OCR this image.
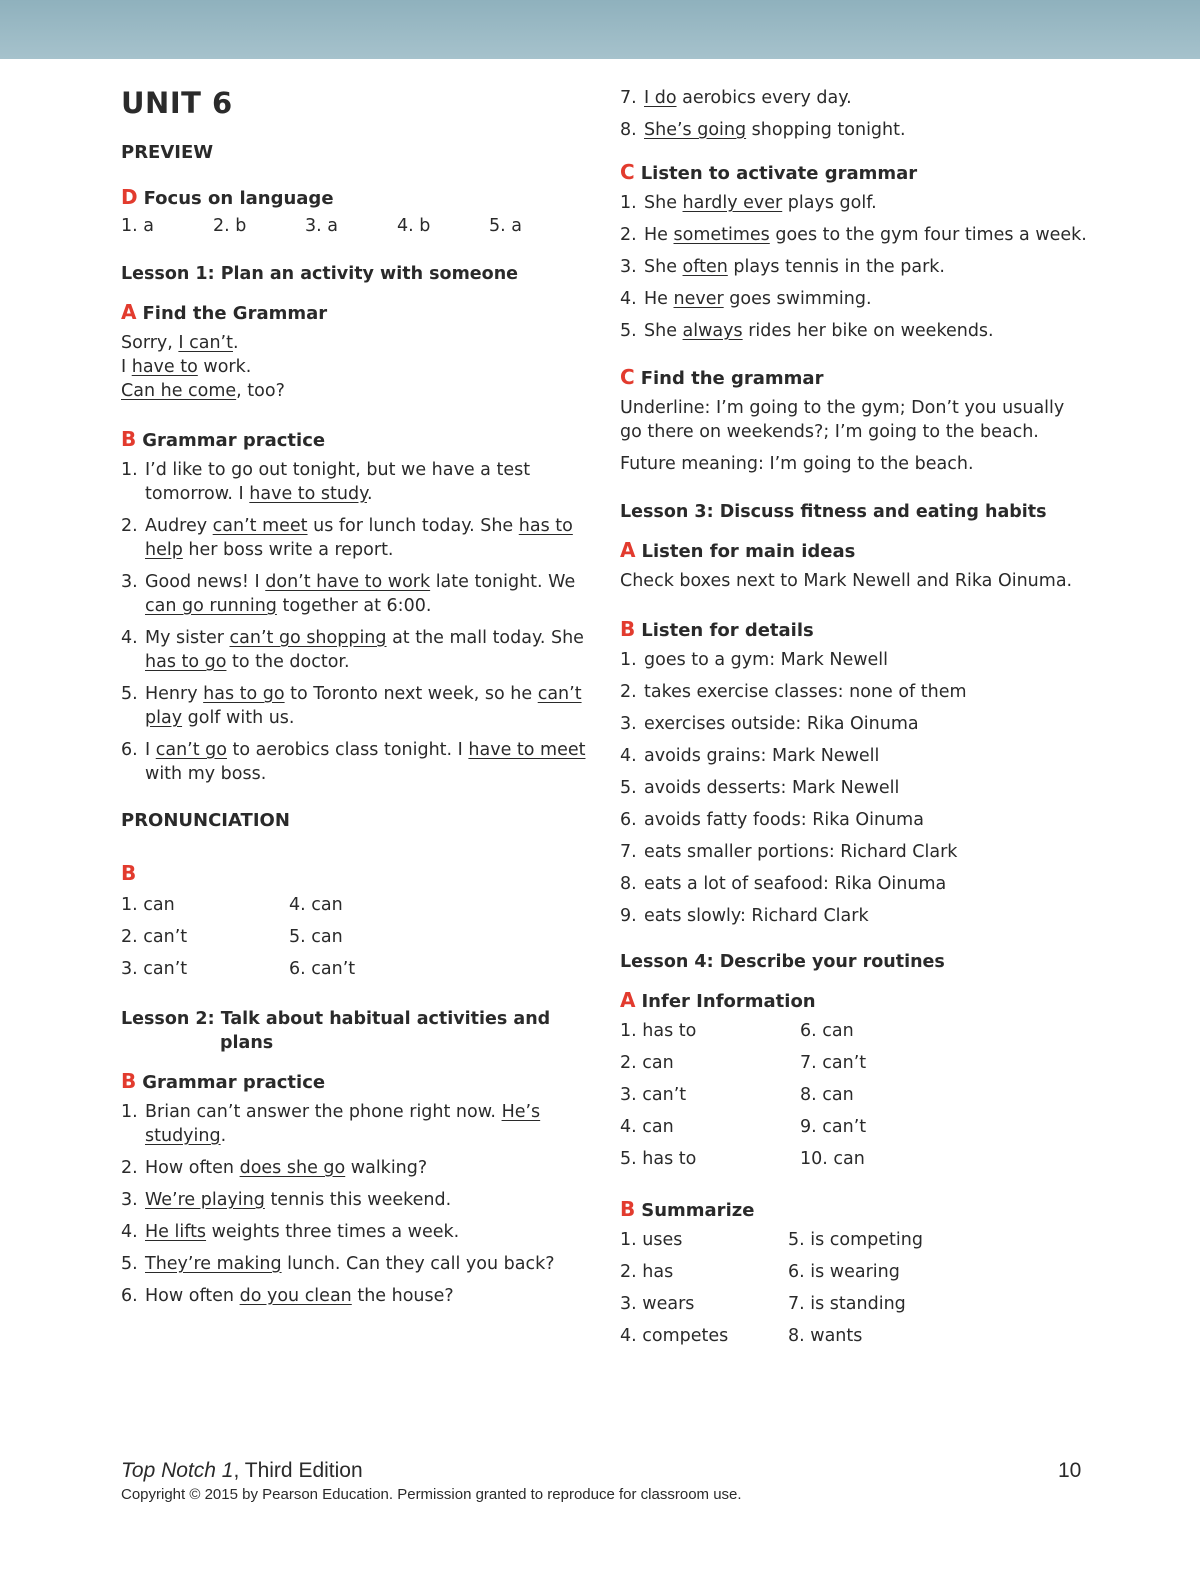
UNIT 6
PREVIEW
D Focus on language
1. a	2. b	3. a	4. b	5. a
Lesson 1: Plan an activity with someone
A Find the Grammar
Sorry, I can’t.
I have to work.
Can he come, too?
B Grammar practice
1. I’d like to go out tonight, but we have a test tomorrow. I have to study.
2. Audrey can’t meet us for lunch today. She has to help her boss write a report.
3. Good news! I don’t have to work late tonight. We can go running together at 6:00.
4. My sister can’t go shopping at the mall today. She has to go to the doctor.
5. Henry has to go to Toronto next week, so he can’t play golf with us.
6. I can’t go to aerobics class tonight. I have to meet with my boss.
PRONUNCIATION
B
1. can	4. can
2. can’t	5. can
3. can’t	6. can’t
Lesson 2: Talk about habitual activities and plans
B Grammar practice
1. Brian can’t answer the phone right now. He’s studying.
2. How often does she go walking?
3. We’re playing tennis this weekend.
4. He lifts weights three times a week.
5. They’re making lunch. Can they call you back?
6. How often do you clean the house?
7. I do aerobics every day.
8. She’s going shopping tonight.
C Listen to activate grammar
1. She hardly ever plays golf.
2. He sometimes goes to the gym four times a week.
3. She often plays tennis in the park.
4. He never goes swimming.
5. She always rides her bike on weekends.
C Find the grammar
Underline: I’m going to the gym; Don’t you usually go there on weekends?; I’m going to the beach.
Future meaning: I’m going to the beach.
Lesson 3: Discuss fitness and eating habits
A Listen for main ideas
Check boxes next to Mark Newell and Rika Oinuma.
B Listen for details
1. goes to a gym: Mark Newell
2. takes exercise classes: none of them
3. exercises outside: Rika Oinuma
4. avoids grains: Mark Newell
5. avoids desserts: Mark Newell
6. avoids fatty foods: Rika Oinuma
7. eats smaller portions: Richard Clark
8. eats a lot of seafood: Rika Oinuma
9. eats slowly: Richard Clark
Lesson 4: Describe your routines
A Infer Information
1. has to	6. can
2. can	7. can’t
3. can’t	8. can
4. can	9. can’t
5. has to	10. can
B Summarize
1. uses	5. is competing
2. has	6. is wearing
3. wears	7. is standing
4. competes	8. wants
Top Notch 1, Third Edition
Copyright © 2015 by Pearson Education. Permission granted to reproduce for classroom use.
10
